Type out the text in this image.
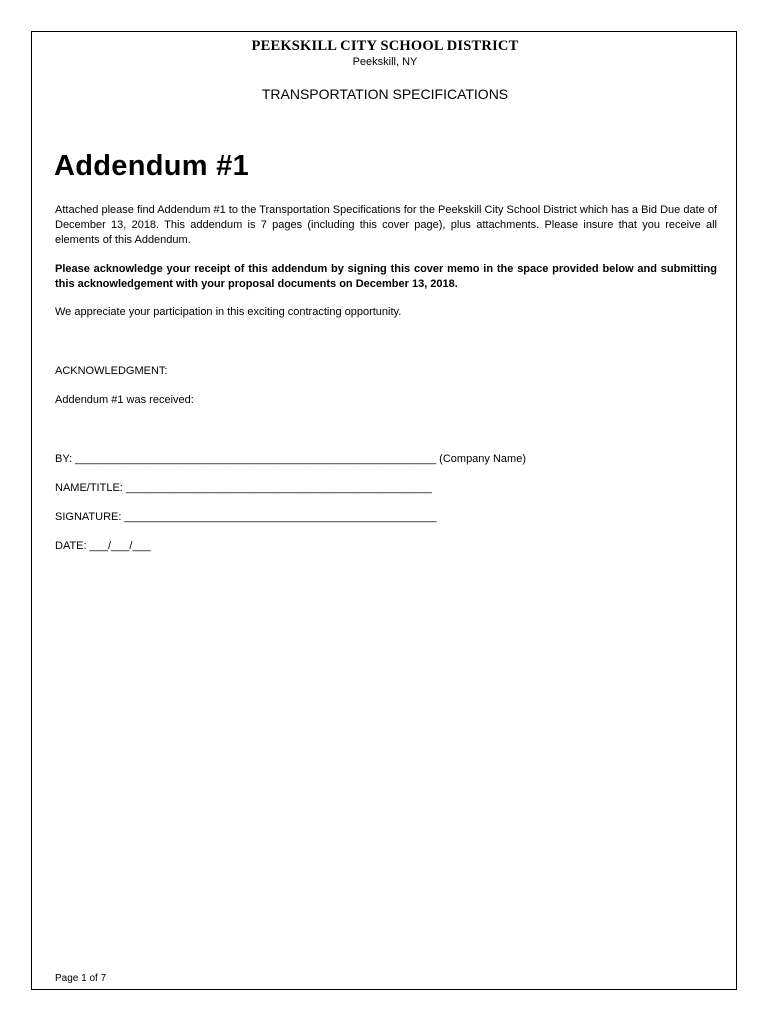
PEEKSKILL CITY SCHOOL DISTRICT
Peekskill, NY
TRANSPORTATION SPECIFICATIONS
Addendum #1
Attached please find Addendum #1 to the Transportation Specifications for the Peekskill City School District which has a Bid Due date of December 13, 2018. This addendum is 7 pages (including this cover page), plus attachments. Please insure that you receive all elements of this Addendum.
Please acknowledge your receipt of this addendum by signing this cover memo in the space provided below and submitting this acknowledgement with your proposal documents on December 13, 2018.
We appreciate your participation in this exciting contracting opportunity.
ACKNOWLEDGMENT:
Addendum #1 was received:
BY: ___________________________________________________________ (Company Name)
NAME/TITLE: __________________________________________________
SIGNATURE: ___________________________________________________
DATE: ___/___/___
Page 1 of 7
